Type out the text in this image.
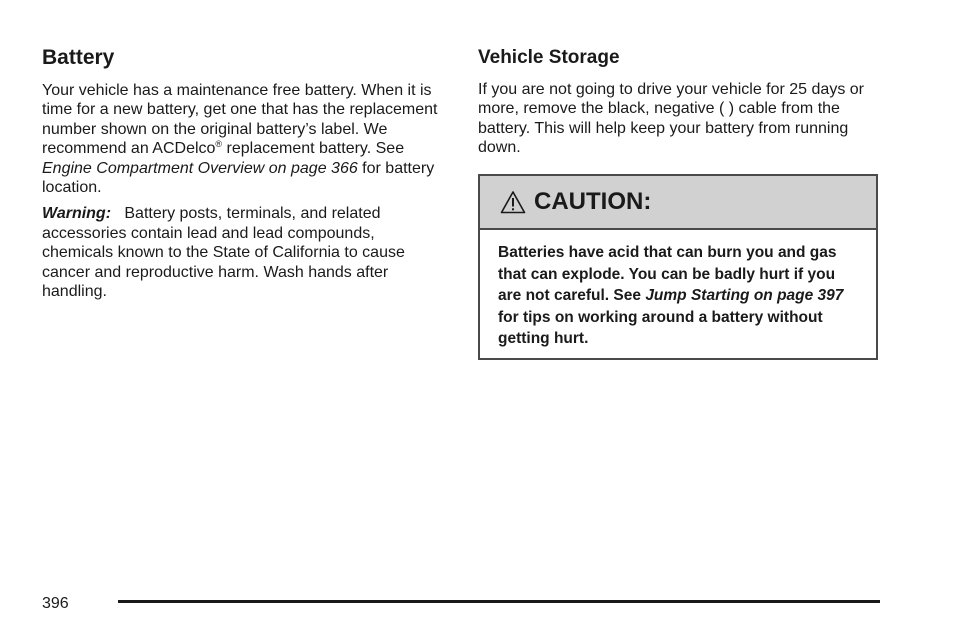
Battery

Your vehicle has a maintenance free battery. When it is time for a new battery, get one that has the replacement number shown on the original battery’s label. We recommend an ACDelco® replacement battery. See Engine Compartment Overview on page 366 for battery location.

Warning: Battery posts, terminals, and related accessories contain lead and lead compounds, chemicals known to the State of California to cause cancer and reproductive harm. Wash hands after handling.

Vehicle Storage

If you are not going to drive your vehicle for 25 days or more, remove the black, negative ( ) cable from the battery. This will help keep your battery from running down.

CAUTION:

Batteries have acid that can burn you and gas that can explode. You can be badly hurt if you are not careful. See Jump Starting on page 397 for tips on working around a battery without getting hurt.

396
